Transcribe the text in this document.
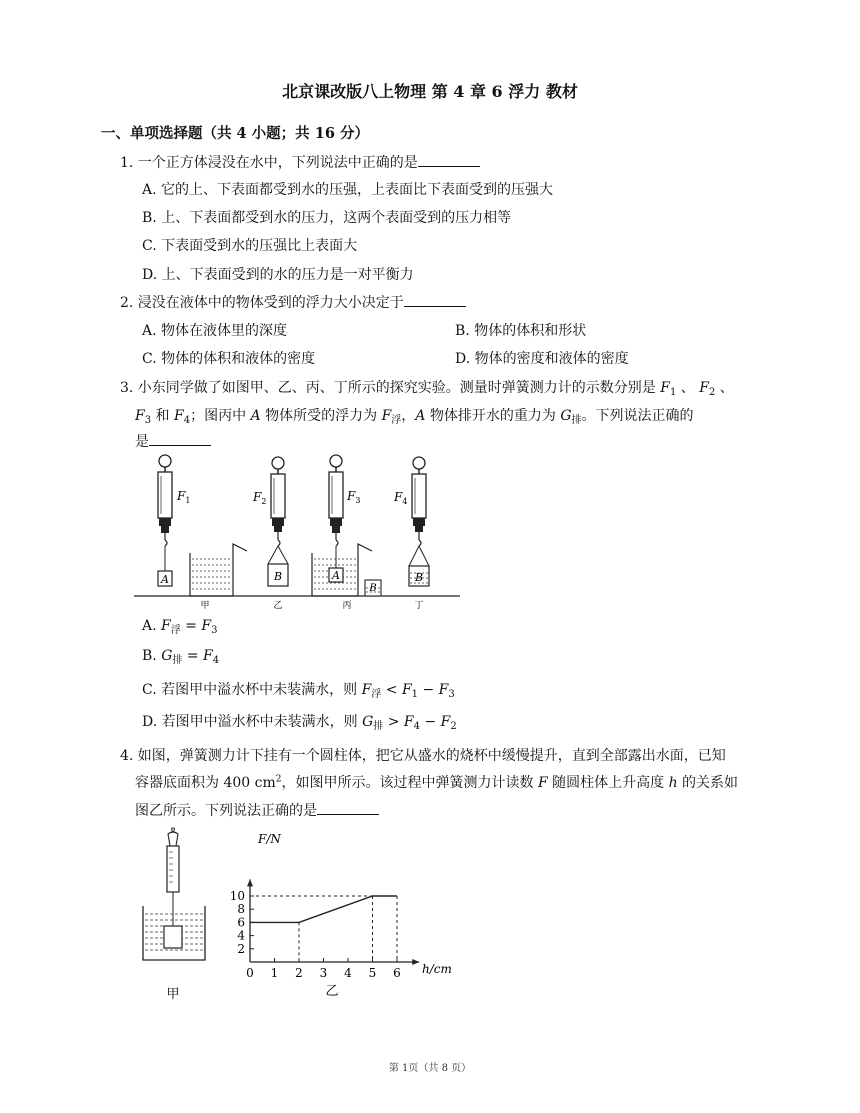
北京课改版八上物理 第 4 章 6 浮力 教材
一、单项选择题（共 4 小题；共 16 分）
1. 一个正方体浸没在水中，下列说法中正确的是
A. 它的上、下表面都受到水的压强，上表面比下表面受到的压强大
B. 上、下表面都受到水的压力，这两个表面受到的压力相等
C. 下表面受到水的压强比上表面大
D. 上、下表面受到的水的压力是一对平衡力
2. 浸没在液体中的物体受到的浮力大小决定于
A. 物体在液体里的深度	B. 物体的体积和形状
C. 物体的体积和液体的密度	D. 物体的密度和液体的密度
3. 小东同学做了如图甲、乙、丙、丁所示的探究实验。测量时弹簧测力计的示数分别是 $F_1$ 、 $F_2$ 、
$F_3$ 和 $F_4$；图丙中 A 物体所受的浮力为 $F_浮$，A 物体排开水的重力为 $G_排$。下列说法正确的
是
A
$F_1$
B
$F_2$	$F_3$
A
B
B
$F_4$
甲	乙	丙	丁
A. $F_浮 = F_3$
B. $G_排 = F_4$
C. 若图甲中溢水杯中未装满水，则 $F_浮 < F_1 - F_3$
D. 若图甲中溢水杯中未装满水，则 $G_排 > F_4 - F_2$
4. 如图，弹簧测力计下挂有一个圆柱体，把它从盛水的烧杯中缓慢提升，直到全部露出水面，已知
容器底面积为 400 $cm^2$，如图甲所示。该过程中弹簧测力计读数 F 随圆柱体上升高度 h 的关系如
图乙所示。下列说法正确的是
甲
0 1 2 3 4 5 6
2
4
6
8
10
F/N
h/cm
乙
第 1页（共 8 页）
